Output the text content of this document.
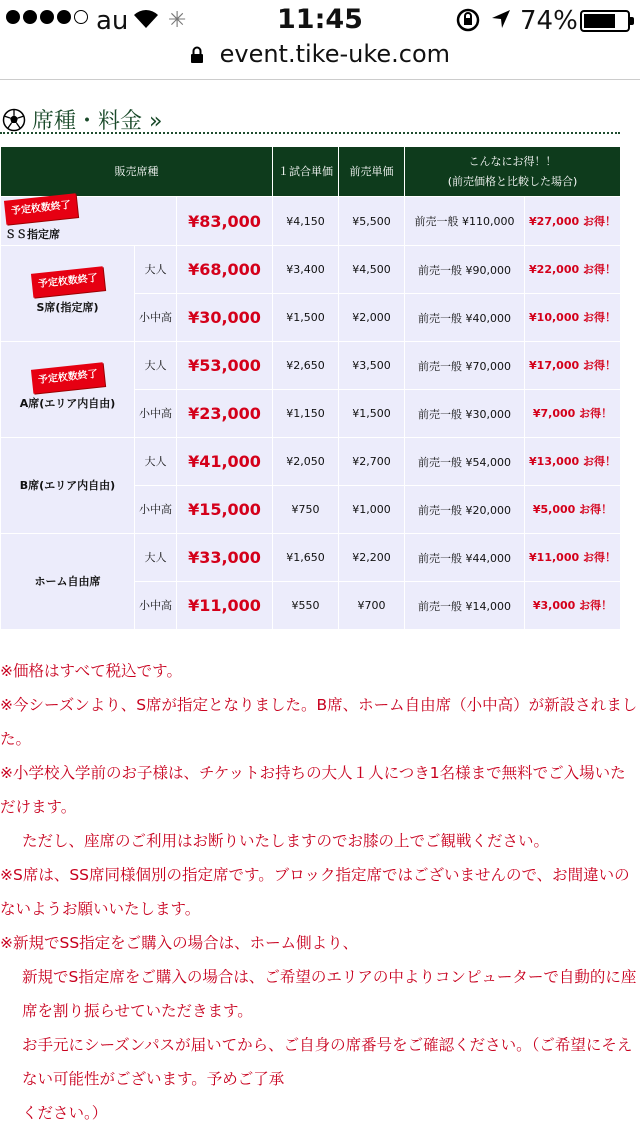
au ✳	11:45	74%
event.tike-uke.com
席種・料金 »
販売席種			１試合単価	前売単価	こんなにお得！！
(前売価格と比較した場合)	

予定枚数終了
ＳＳ指定席		¥83,000	¥4,150	¥5,500	前売一般 ¥110,000	¥27,000 お得！
予定枚数終了
S席(指定席)	大人	¥68,000	¥3,400	¥4,500	前売一般 ¥90,000	¥22,000 お得！
	小中高	¥30,000	¥1,500	¥2,000	前売一般 ¥40,000	¥10,000 お得！
予定枚数終了
A席(エリア内自由)	大人	¥53,000	¥2,650	¥3,500	前売一般 ¥70,000	¥17,000 お得！
	小中高	¥23,000	¥1,150	¥1,500	前売一般 ¥30,000	¥7,000 お得！

B席(エリア内自由)	大人	¥41,000	¥2,050	¥2,700	前売一般 ¥54,000	¥13,000 お得！
	小中高	¥15,000	¥750	¥1,000	前売一般 ¥20,000	¥5,000 お得！

ホーム自由席	大人	¥33,000	¥1,650	¥2,200	前売一般 ¥44,000	¥11,000 お得！
	小中高	¥11,000	¥550	¥700	前売一般 ¥14,000	¥3,000 お得！

※価格はすべて税込です。

※今シーズンより、S席が指定となりました。B席、ホーム自由席（小中高）が新設されました。

※小学校入学前のお子様は、チケットお持ちの大人１人につき1名様まで無料でご入場いただけます。

ただし、座席のご利用はお断りいたしますのでお膝の上でご観戦ください。

※S席は、SS席同様個別の指定席です。ブロック指定席ではございませんので、お間違いのないようお願いいたします。

※新規でSS指定をご購入の場合は、ホーム側より、

新規でS指定席をご購入の場合は、ご希望のエリアの中よりコンピューターで自動的に座席を割り振らせていただきます。

お手元にシーズンパスが届いてから、ご自身の席番号をご確認ください。（ご希望にそえない可能性がございます。予めご了承

ください。）
